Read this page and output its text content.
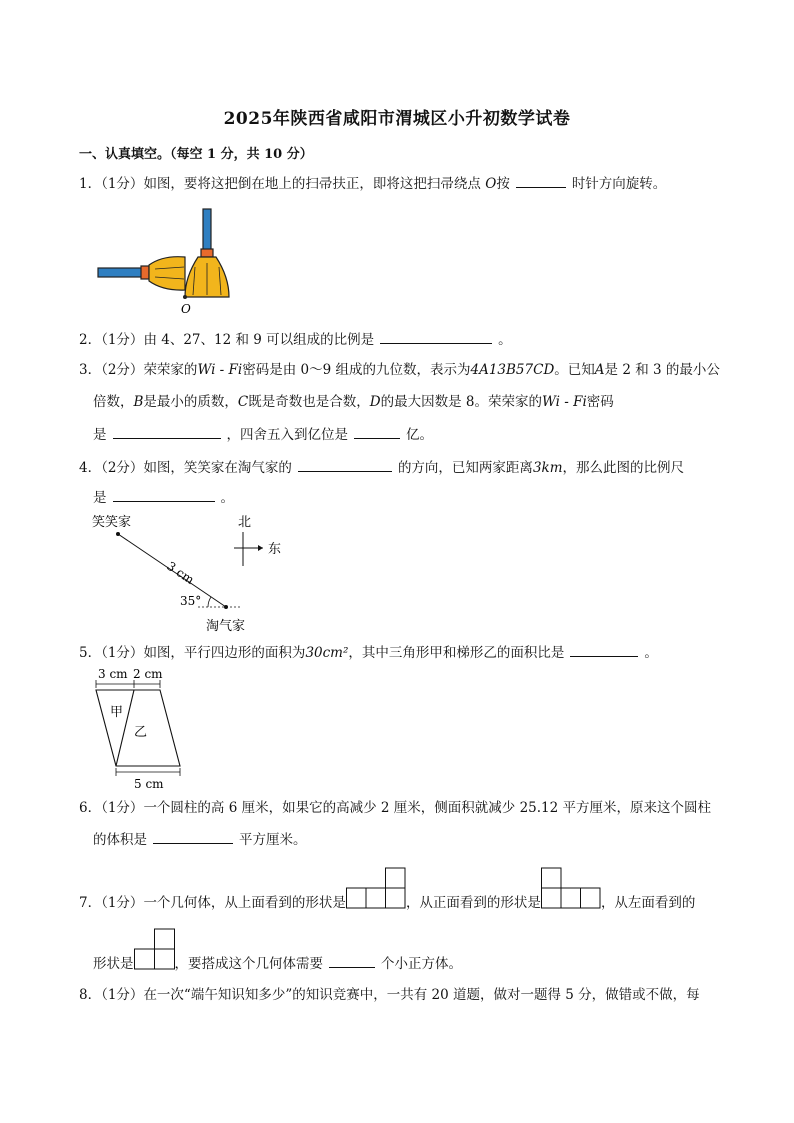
2025年陕西省咸阳市渭城区小升初数学试卷
一、认真填空。（每空 1 分，共 10 分）
1．（1分）如图，要将这把倒在地上的扫帚扶正，即将这把扫帚绕点 O按	时针方向旋转。
O
2．（1分）由 4、27、12 和 9 可以组成的比例是	。
3．（2分）荣荣家的Wi - Fi密码是由 0～9 组成的九位数，表示为4A13B57CD。已知A是 2 和 3 的最小公
倍数，B是最小的质数，C既是奇数也是合数，D的最大因数是 8。荣荣家的Wi - Fi密码
是	，四舍五入到亿位是	亿。
4．（2分）如图，笑笑家在淘气家的	的方向，已知两家距离3km，那么此图的比例尺
是	。
笑笑家
35°
3 cm
淘气家
北
东
5．（1分）如图，平行四边形的面积为30cm²，其中三角形甲和梯形乙的面积比是	。
3 cm 2 cm
甲
乙
5 cm
6．（1分）一个圆柱的高 6 厘米，如果它的高减少 2 厘米，侧面积就减少 25.12 平方厘米，原来这个圆柱
的体积是	平方厘米。
7．（1分）一个几何体，从上面看到的形状是	，从正面看到的形状是	，从左面看到的
形状是	，要搭成这个几何体需要	个小正方体。
8．（1分）在一次“端午知识知多少”的知识竞赛中，一共有 20 道题，做对一题得 5 分，做错或不做，每
